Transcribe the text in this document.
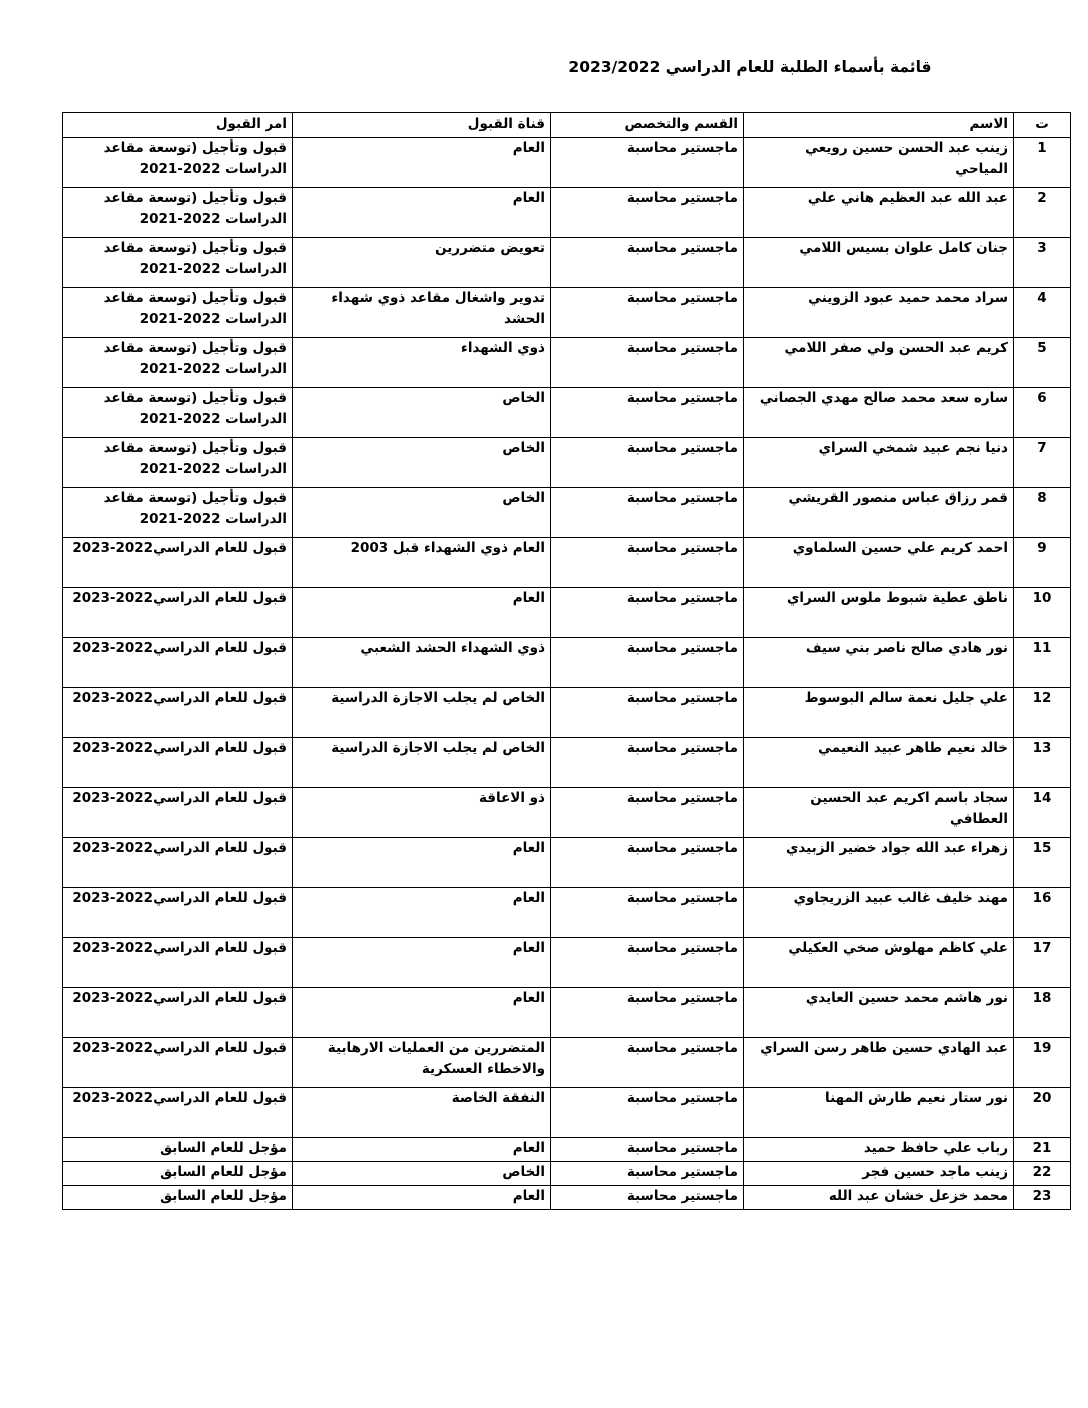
قائمة بأسماء الطلبة للعام الدراسي 2023/2022
ت	الاسم	القسم والتخصص	قناة القبول	امر القبول
1	زينب عبد الحسن حسين رويعي المياحي	ماجستير محاسبة	العام	قبول وتأجيل (توسعة مقاعد الدراسات 2022-2021
2	عبد الله عبد العظيم هاني علي	ماجستير محاسبة	العام	قبول وتأجيل (توسعة مقاعد الدراسات 2022-2021
3	جنان كامل علوان بسيس اللامي	ماجستير محاسبة	تعويض متضررين	قبول وتأجيل (توسعة مقاعد الدراسات 2022-2021
4	سراد محمد حميد عبود الزويني	ماجستير محاسبة	تدوير واشغال مقاعد ذوي شهداء الحشد	قبول وتأجيل (توسعة مقاعد الدراسات 2022-2021
5	كريم عبد الحسن ولي صفر اللامي	ماجستير محاسبة	ذوي الشهداء	قبول وتأجيل (توسعة مقاعد الدراسات 2022-2021
6	ساره سعد محمد صالح مهدي الجصاني	ماجستير محاسبة	الخاص	قبول وتأجيل (توسعة مقاعد الدراسات 2022-2021
7	دنيا نجم عبيد شمخي السراي	ماجستير محاسبة	الخاص	قبول وتأجيل (توسعة مقاعد الدراسات 2022-2021
8	قمر رزاق عباس منصور القريشي	ماجستير محاسبة	الخاص	قبول وتأجيل (توسعة مقاعد الدراسات 2022-2021
9	احمد كريم علي حسين السلماوي	ماجستير محاسبة	العام ذوي الشهداء قبل 2003	قبول للعام الدراسي2022-2023
10	ناطق عطية شبوط ملوس السراي	ماجستير محاسبة	العام	قبول للعام الدراسي2022-2023
11	نور هادي صالح ناصر بني سيف	ماجستير محاسبة	ذوي الشهداء الحشد الشعبي	قبول للعام الدراسي2022-2023
12	علي جليل نعمة سالم البوسوط	ماجستير محاسبة	الخاص لم يجلب الاجازة الدراسية	قبول للعام الدراسي2022-2023
13	خالد نعيم طاهر عبيد النعيمي	ماجستير محاسبة	الخاص لم يجلب الاجازة الدراسية	قبول للعام الدراسي2022-2023
14	سجاد باسم اكريم عبد الحسين العطافي	ماجستير محاسبة	ذو الاعاقة	قبول للعام الدراسي2022-2023
15	زهراء عبد الله جواد خضير الزبيدي	ماجستير محاسبة	العام	قبول للعام الدراسي2022-2023
16	مهند خليف غالب عبيد الزريجاوي	ماجستير محاسبة	العام	قبول للعام الدراسي2022-2023
17	علي كاظم مهلوش صخي العكيلي	ماجستير محاسبة	العام	قبول للعام الدراسي2022-2023
18	نور هاشم محمد حسين العايدي	ماجستير محاسبة	العام	قبول للعام الدراسي2022-2023
19	عبد الهادي حسين طاهر رسن السراي	ماجستير محاسبة	المتضررين من العمليات الارهابية والاخطاء العسكرية	قبول للعام الدراسي2022-2023
20	نور ستار نعيم طارش المهنا	ماجستير محاسبة	النفقة الخاصة	قبول للعام الدراسي2022-2023
21	رباب علي حافظ حميد	ماجستير محاسبة	العام	مؤجل للعام السابق
22	زينب ماجد حسين فجر	ماجستير محاسبة	الخاص	مؤجل للعام السابق
23	محمد خزعل خشان عبد الله	ماجستير محاسبة	العام	مؤجل للعام السابق
